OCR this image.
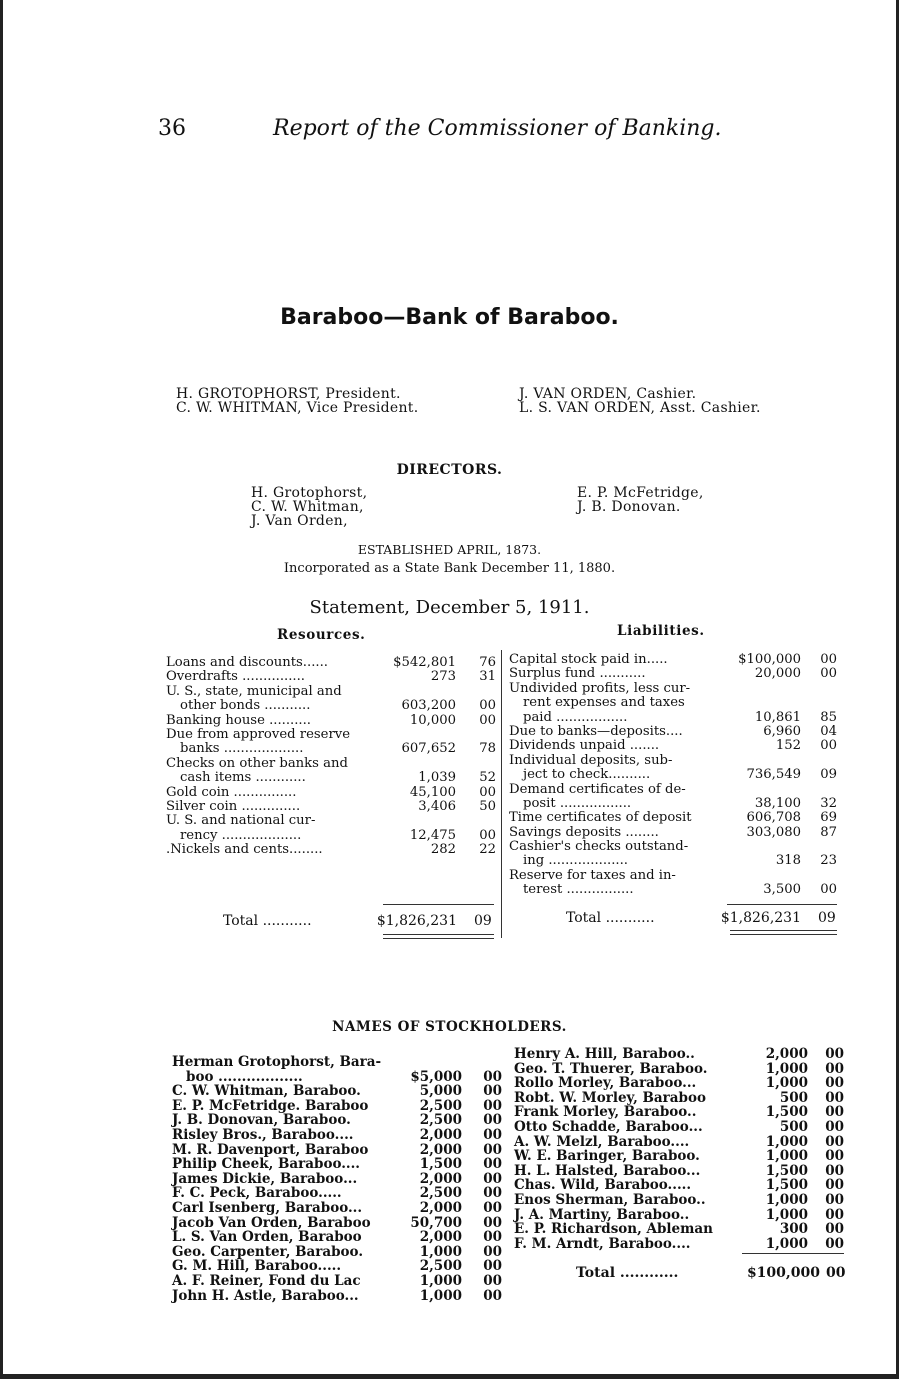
36	Report of the Commissioner of Banking.
Baraboo—Bank of Baraboo.
H. GROTOPHORST, President.
C. W. WHITMAN, Vice President.
J. VAN ORDEN, Cashier.
L. S. VAN ORDEN, Asst. Cashier.
DIRECTORS.
H. Grotophorst,
C. W. Whitman,
J. Van Orden,
E. P. McFetridge,
J. B. Donovan.
ESTABLISHED APRIL, 1873.
Incorporated as a State Bank December 11, 1880.
Statement, December 5, 1911.
Resources.	Liabilities.
Loans and discounts......	$542,801 76
Overdrafts ...............	273 31
U. S., state, municipal and
other bonds ...........	603,200 00
Banking house ..........	10,000 00
Due from approved reserve
banks ...................	607,652 78
Checks on other banks and
cash items ............	1,039 52
Gold coin ...............	45,100 00
Silver coin ..............	3,406 50
U. S. and national cur-
rency ...................	12,475 00
.Nickels and cents........	282 22
Capital stock paid in.....	$100,000 00
Surplus fund ...........	20,000 00
Undivided profits, less cur-
rent expenses and taxes
paid .................	10,861 85
Due to banks—deposits....	6,960 04
Dividends unpaid .......	152 00
Individual deposits, sub-
ject to check..........	736,549 09
Demand certificates of de-
posit .................	38,100 32
Time certificates of deposit	606,708 69
Savings deposits ........	303,080 87
Cashier's checks outstand-
ing ...................	318 23
Reserve for taxes and in-
terest ................	3,500 00
Total ...........	$1,826,231 09	Total ...........	$1,826,231 09
NAMES OF STOCKHOLDERS.
Herman Grotophorst, Bara-
boo ..................	$5,000 00
C. W. Whitman, Baraboo.	5,000 00
E. P. McFetridge. Baraboo	2,500 00
J. B. Donovan, Baraboo.	2,500 00
Risley Bros., Baraboo....	2,000 00
M. R. Davenport, Baraboo	2,000 00
Philip Cheek, Baraboo....	1,500 00
James Dickie, Baraboo...	2,000 00
F. C. Peck, Baraboo.....	2,500 00
Carl Isenberg, Baraboo...	2,000 00
Jacob Van Orden, Baraboo	50,700 00
L. S. Van Orden, Baraboo	2,000 00
Geo. Carpenter, Baraboo.	1,000 00
G. M. Hill, Baraboo.....	2,500 00
A. F. Reiner, Fond du Lac	1,000 00
John H. Astle, Baraboo...	1,000 00
Henry A. Hill, Baraboo..	2,000 00
Geo. T. Thuerer, Baraboo.	1,000 00
Rollo Morley, Baraboo...	1,000 00
Robt. W. Morley, Baraboo	500 00
Frank Morley, Baraboo..	1,500 00
Otto Schadde, Baraboo...	500 00
A. W. Melzl, Baraboo....	1,000 00
W. E. Baringer, Baraboo.	1,000 00
H. L. Halsted, Baraboo...	1,500 00
Chas. Wild, Baraboo.....	1,500 00
Enos Sherman, Baraboo..	1,000 00
J. A. Martiny, Baraboo..	1,000 00
E. P. Richardson, Ableman	300 00
F. M. Arndt, Baraboo....	1,000 00
Total ............	$100,000 00
